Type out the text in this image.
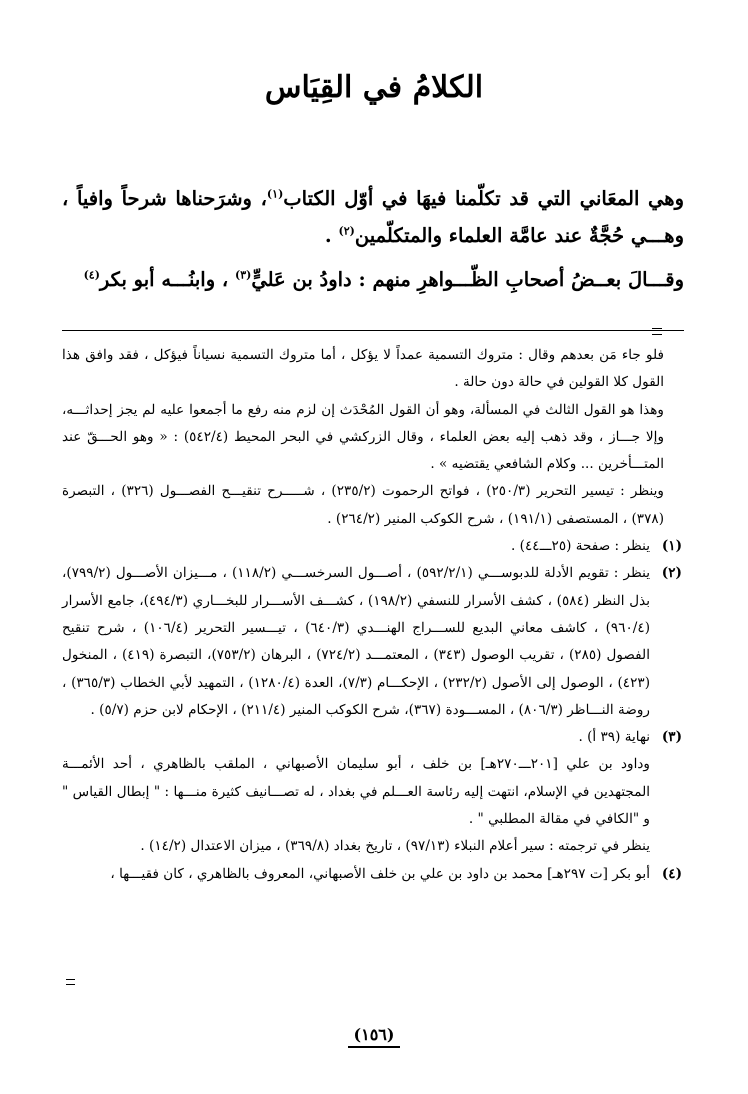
الكلامُ في القِيَاس

وهي المعَاني التي قد تكلّمنا فيهَا في أوّل الكتاب$^{(١)}$، وشرَحناها شرحاً وافياً ، وهـــي حُجَّةٌ عند عامَّة العلماء والمتكلّمين$^{(٢)}$ .

وقـــالَ بعــضُ أصحابِ الظّـــواهرِ منهم : داودُ بن عَليٍّ$^{(٣)}$ ، وابنُـــه أبو بكر$^{(٤)}$

فلو جاء مَن بعدهم وقال : متروك التسمية عمداً لا يؤكل ، أما متروك التسمية نسياناً فيؤكل ، فقد وافق هذا القول كلا القولين في حالة دون حالة .

وهذا هو القول الثالث في المسألة، وهو أن القول المُحْدَث إن لزم منه رفع ما أجمعوا عليه لم يجز إحداثـــه، وإلا جـــاز ، وقد ذهب إليه بعض العلماء ، وقال الزركشي في البحر المحيط (٥٤٢/٤) : « وهو الحـــقّ عند المتـــأخرين ... وكلام الشافعي يقتضيه » .

وينظر : تيسير التحرير (٢٥٠/٣) ، فواتح الرحموت (٢٣٥/٢) ، شـــــرح تنقيـــح الفصـــول (٣٢٦) ، التبصرة (٣٧٨) ، المستصفى (١٩١/١) ، شرح الكوكب المنير (٢٦٤/٢) .

(١)ينظر : صفحة (٢٥ـــ٤٤) .

(٢)ينظر : تقويم الأدلة للدبوســـي (٥٩٢/٢/١) ، أصـــول السرخســـي (١١٨/٢) ، مـــيزان الأصـــول (٧٩٩/٢)، بذل النظر (٥٨٤) ، كشف الأسرار للنسفي (١٩٨/٢) ، كشـــف الأســـرار للبخـــاري (٤٩٤/٣)، جامع الأسرار (٩٦٠/٤) ، كاشف معاني البديع للســـراج الهنـــدي (٦٤٠/٣) ، تيـــسير التحرير (١٠٦/٤) ، شرح تنقيح الفصول (٢٨٥) ، تقريب الوصول (٣٤٣) ، المعتمـــد (٧٢٤/٢) ، البرهان (٧٥٣/٢)، التبصرة (٤١٩) ، المنخول (٤٢٣) ، الوصول إلى الأصول (٢٣٢/٢) ، الإحكـــام (٧/٣)، العدة (١٢٨٠/٤) ، التمهيد لأبي الخطاب (٣٦٥/٣) ، روضة النـــاظر (٨٠٦/٣) ، المســـودة (٣٦٧)، شرح الكوكب المنير (٢١١/٤) ، الإحكام لابن حزم (٥/٧) .

(٣)نهاية (٣٩ أ) .

وداود بن علي [٢٠١ـــ٢٧٠هـ] بن خلف ، أبو سليمان الأصبهاني ، الملقب بالظاهري ، أحد الأئمـــة المجتهدين في الإسلام، انتهت إليه رئاسة العـــلم في بغداد ، له تصـــانيف كثيرة منـــها : " إبطال القياس " و "الكافي في مقالة المطلبي " .

ينظر في ترجمته : سير أعلام النبلاء (٩٧/١٣) ، تاريخ بغداد (٣٦٩/٨) ، ميزان الاعتدال (١٤/٢) .

(٤)أبو بكر [ت ٢٩٧هـ] محمد بن داود بن علي بن خلف الأصبهاني، المعروف بالظاهري ، كان فقيـــها ،

(١٥٦)
